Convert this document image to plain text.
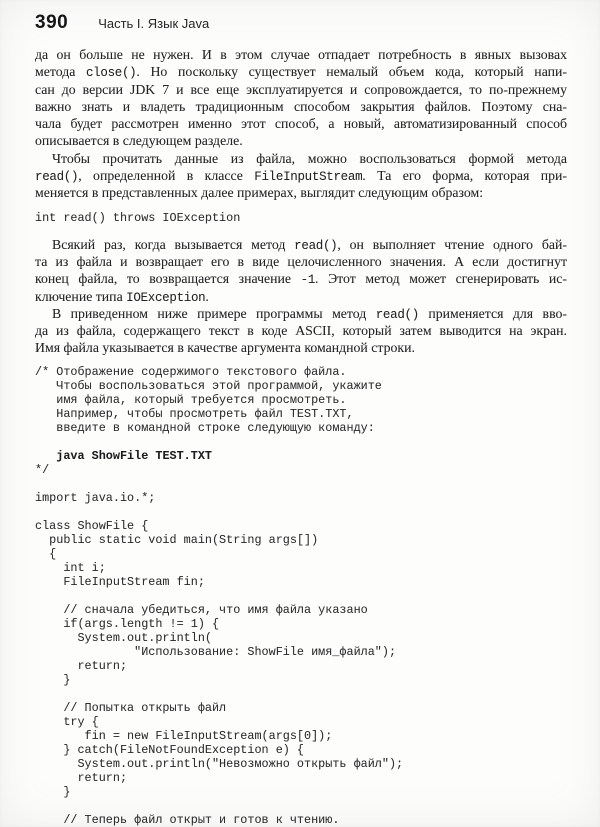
390 Часть I. Язык Java
да он больше не нужен. И в этом случае отпадает потребность в явных вызовах
метода close(). Но поскольку существует немалый объем кода, который напи-
сан до версии JDK 7 и все еще эксплуатируется и сопровождается, то по-прежнему
важно знать и владеть традиционным способом закрытия файлов. Поэтому сна-
чала будет рассмотрен именно этот способ, а новый, автоматизированный способ
описывается в следующем разделе.
Чтобы прочитать данные из файла, можно воспользоваться формой метода
read(), определенной в классе FileInputStream. Та его форма, которая при-
меняется в представленных далее примерах, выглядит следующим образом:
int read() throws IOException
Всякий раз, когда вызывается метод read(), он выполняет чтение одного бай-
та из файла и возвращает его в виде целочисленного значения. А если достигнут
конец файла, то возвращается значение -1. Этот метод может сгенерировать ис-
ключение типа IOException.
В приведенном ниже примере программы метод read() применяется для вво-
да из файла, содержащего текст в коде ASCII, который затем выводится на экран.
Имя файла указывается в качестве аргумента командной строки.
/* Отображение содержимого текстового файла.
Чтобы воспользоваться этой программой, укажите
имя файла, который требуется просмотреть.
Например, чтобы просмотреть файл TEST.TXT,
введите в командной строке следующую команду:

java ShowFile TEST.TXT
*/

import java.io.*;

class ShowFile {
public static void main(String args[])
{
int i;
FileInputStream fin;

// сначала убедиться, что имя файла указано
if(args.length != 1) {
System.out.println(
"Использование: ShowFile имя_файла");
return;
}

// Попытка открыть файл
try {
fin = new FileInputStream(args[0]);
} catch(FileNotFoundException e) {
System.out.println("Невозможно открыть файл");
return;
}

// Теперь файл открыт и готов к чтению.
